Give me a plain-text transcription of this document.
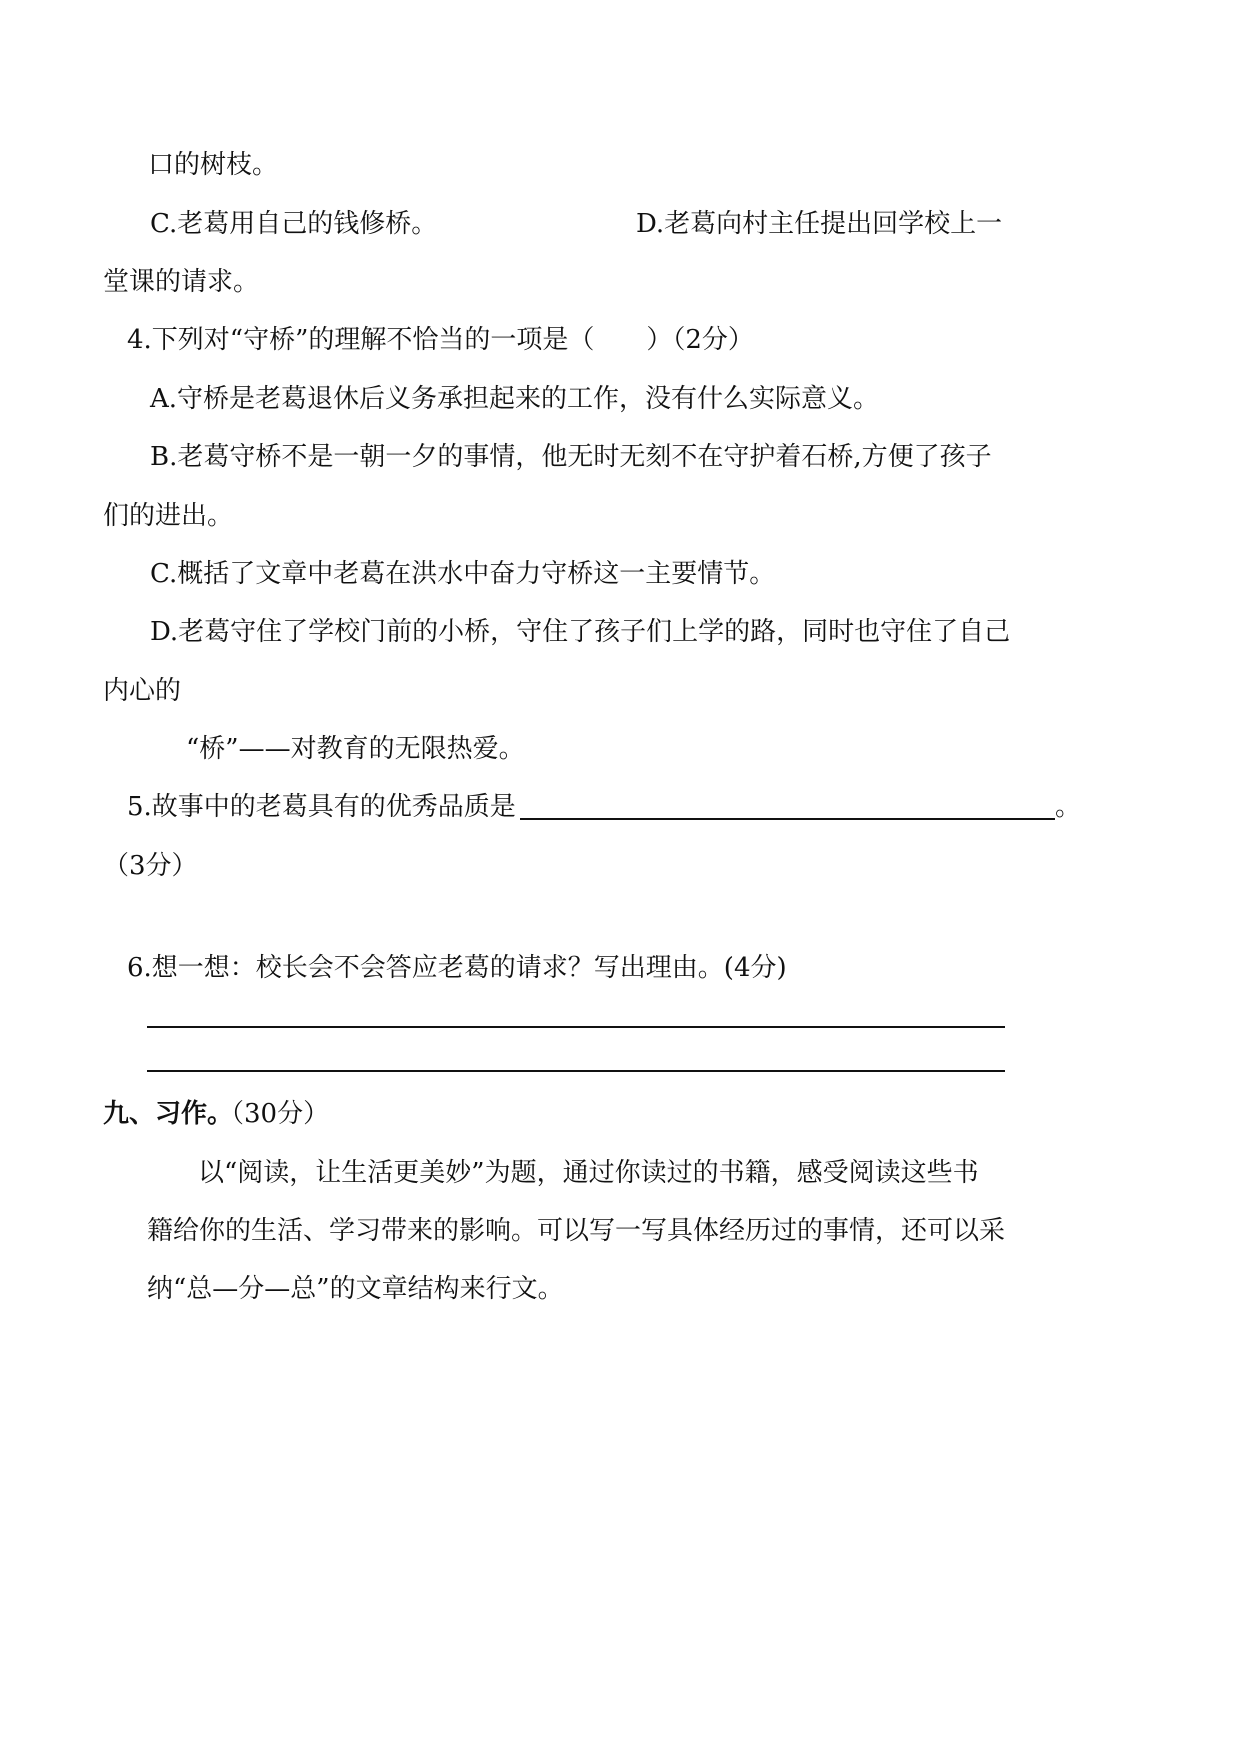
口的树枝。
C.老葛用自己的钱修桥。	D.老葛向村主任提出回学校上一
堂课的请求。
4.下列对“守桥”的理解不恰当的一项是（　　）（2分）
A.守桥是老葛退休后义务承担起来的工作，没有什么实际意义。
B.老葛守桥不是一朝一夕的事情，他无时无刻不在守护着石桥,方便了孩子
们的进出。
C.概括了文章中老葛在洪水中奋力守桥这一主要情节。
D.老葛守住了学校门前的小桥，守住了孩子们上学的路，同时也守住了自己
内心的
“桥”——对教育的无限热爱。
5.故事中的老葛具有的优秀品质是	。
（3分）
6.想一想：校长会不会答应老葛的请求？写出理由。(4分)
九、习作。
（30分）
以“阅读，让生活更美妙”为题，通过你读过的书籍，感受阅读这些书
籍给你的生活、学习带来的影响。可以写一写具体经历过的事情，还可以采
纳“总—分—总”的文章结构来行文。
